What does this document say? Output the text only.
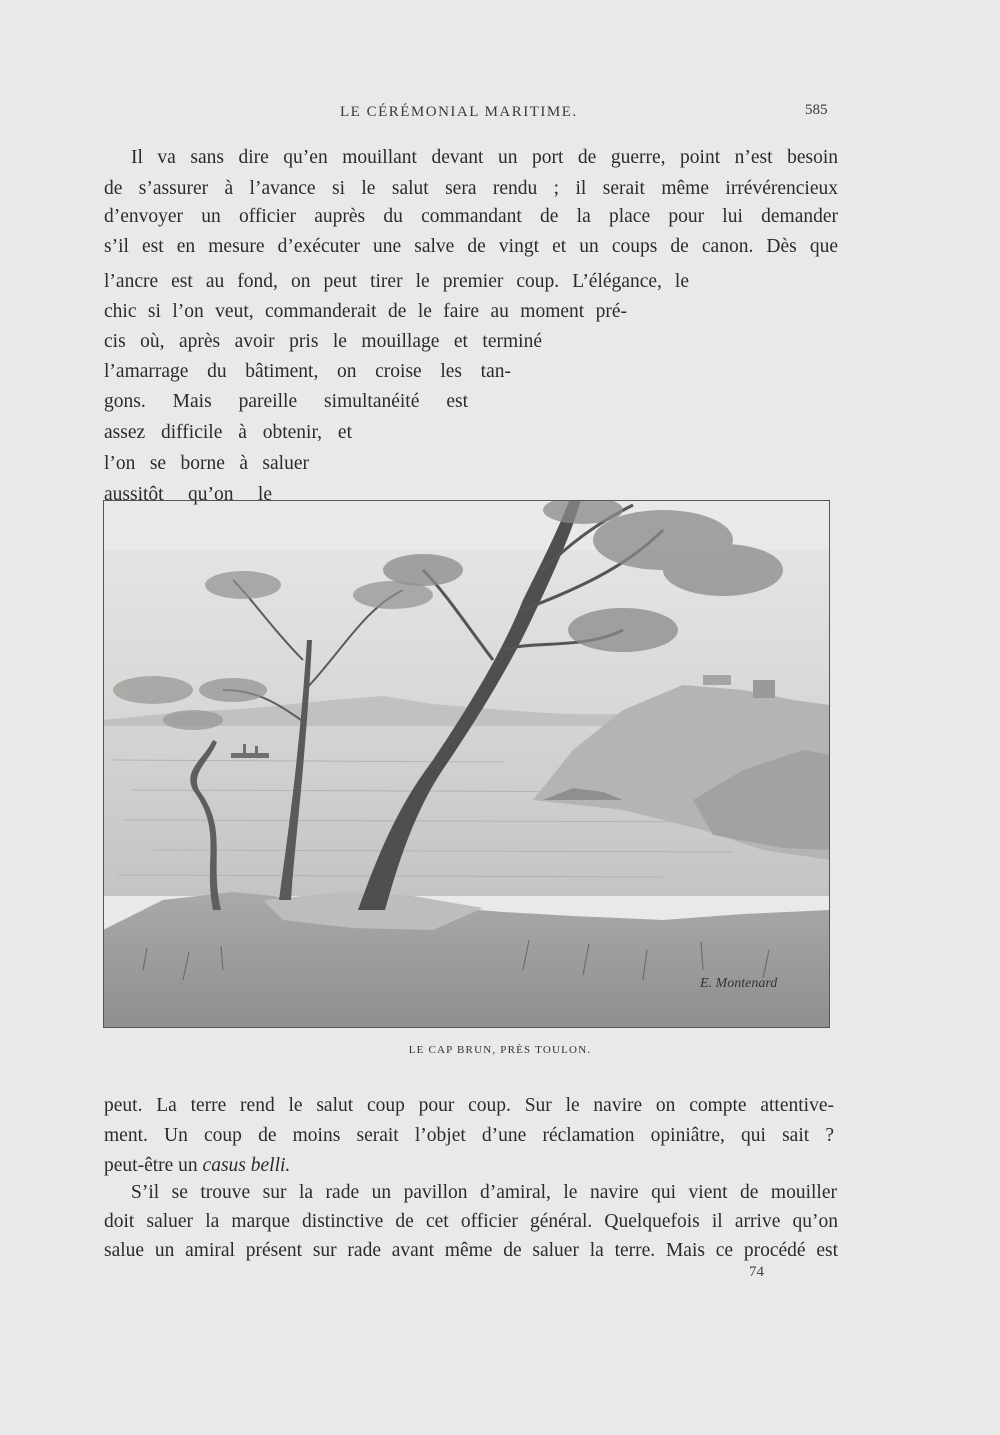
LE CÉRÉMONIAL MARITIME.	585
Il va sans dire qu’en mouillant devant un port de guerre, point n’est besoin
de s’assurer à l’avance si le salut sera rendu ; il serait même irrévérencieux
d’envoyer un officier auprès du commandant de la place pour lui demander
s’il est en mesure d’exécuter une salve de vingt et un coups de canon. Dès que
l’ancre est au fond, on peut tirer le premier coup. L’élégance, le
chic si l’on veut, commanderait de le faire au moment pré-
cis où, après avoir pris le mouillage et terminé
l’amarrage du bâtiment, on croise les tan-
gons. Mais pareille simultanéité est
assez difficile à obtenir, et
l’on se borne à saluer
aussitôt qu’on le
E. Montenard
LE CAP BRUN, PRÈS TOULON.
peut. La terre rend le salut coup pour coup. Sur le navire on compte attentive-
ment. Un coup de moins serait l’objet d’une réclamation opiniâtre, qui sait ?
peut-être un casus belli.
S’il se trouve sur la rade un pavillon d’amiral, le navire qui vient de mouiller
doit saluer la marque distinctive de cet officier général. Quelquefois il arrive qu’on
salue un amiral présent sur rade avant même de saluer la terre. Mais ce procédé est
74
